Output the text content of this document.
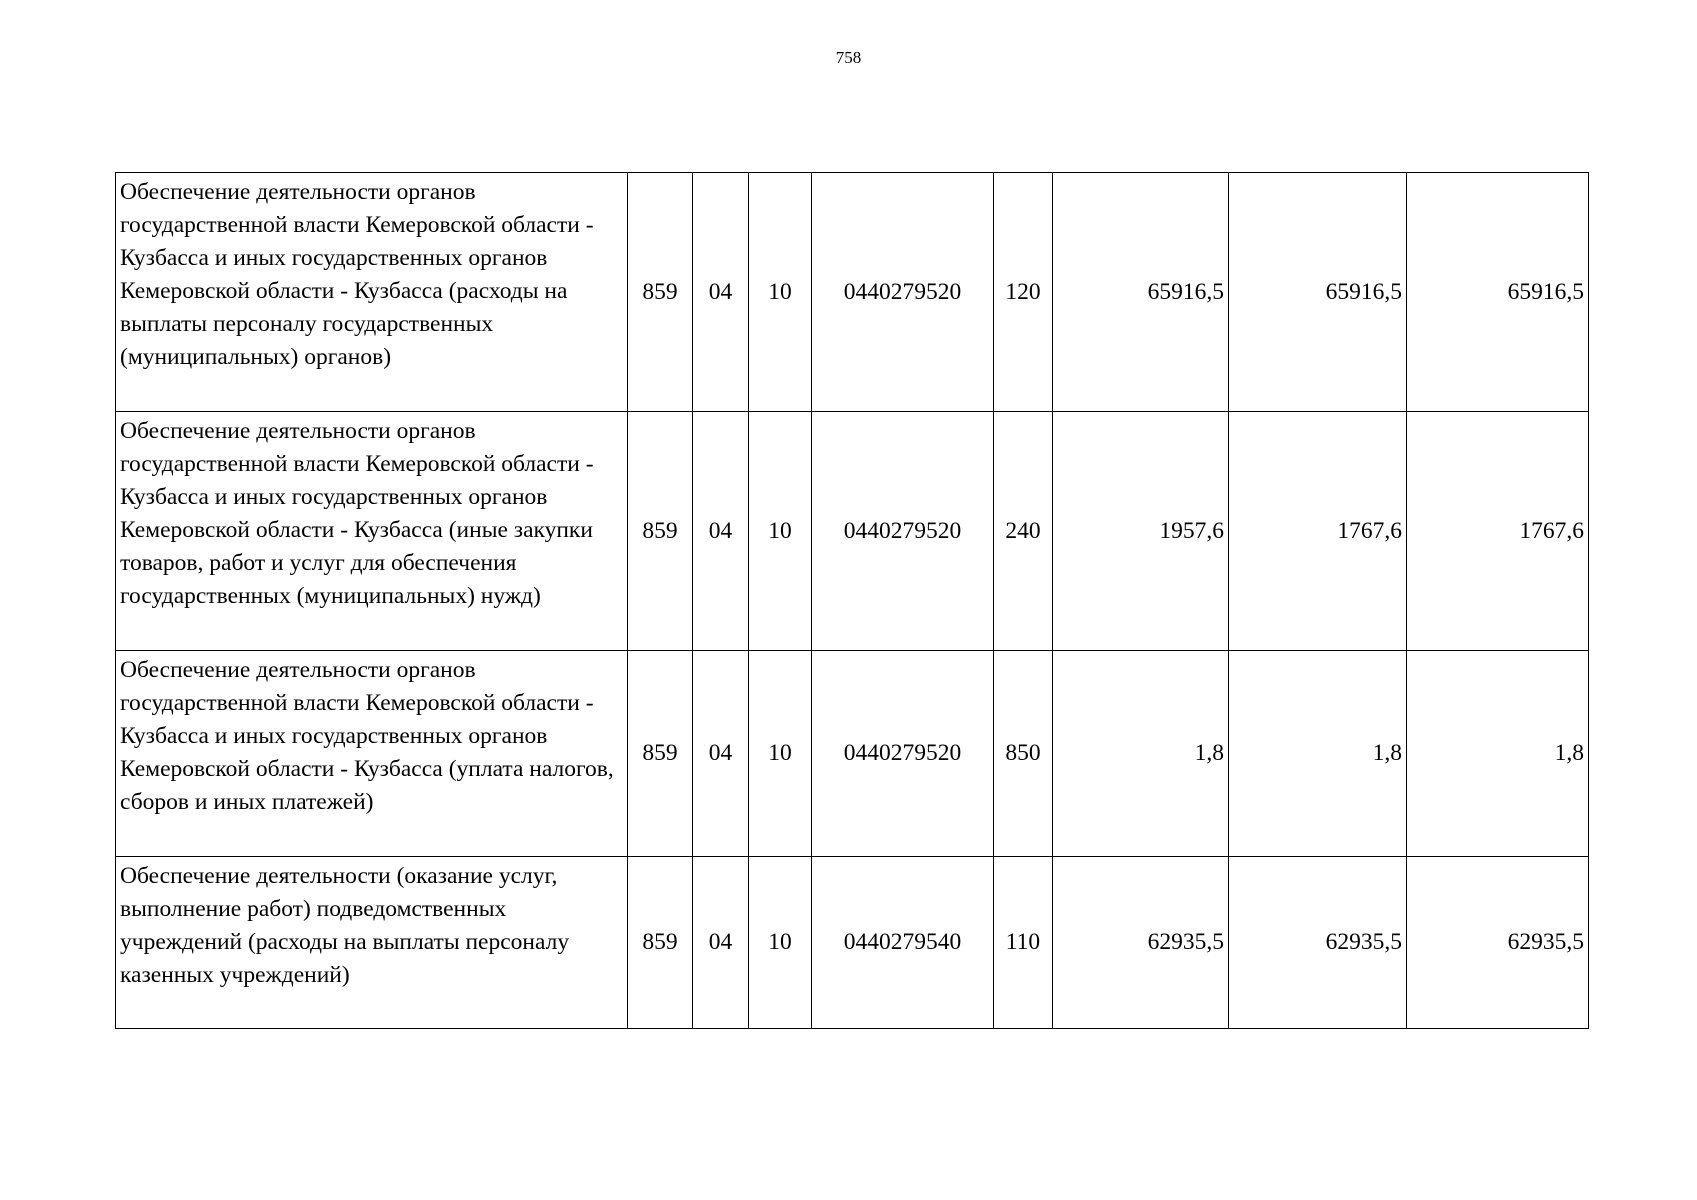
758
Обеспечение деятельности органов государственной власти Кемеровской области - Кузбасса и иных государственных органов Кемеровской области - Кузбасса (расходы на выплаты персоналу государственных (муниципальных) органов)	859	04	10	0440279520	120	65916,5	65916,5	65916,5
Обеспечение деятельности органов государственной власти Кемеровской области - Кузбасса и иных государственных органов Кемеровской области - Кузбасса (иные закупки товаров, работ и услуг для обеспечения государственных (муниципальных) нужд)	859	04	10	0440279520	240	1957,6	1767,6	1767,6
Обеспечение деятельности органов государственной власти Кемеровской области - Кузбасса и иных государственных органов Кемеровской области - Кузбасса (уплата налогов, сборов и иных платежей)	859	04	10	0440279520	850	1,8	1,8	1,8
Обеспечение деятельности (оказание услуг, выполнение работ) подведомственных учреждений (расходы на выплаты персоналу казенных учреждений)	859	04	10	0440279540	110	62935,5	62935,5	62935,5
